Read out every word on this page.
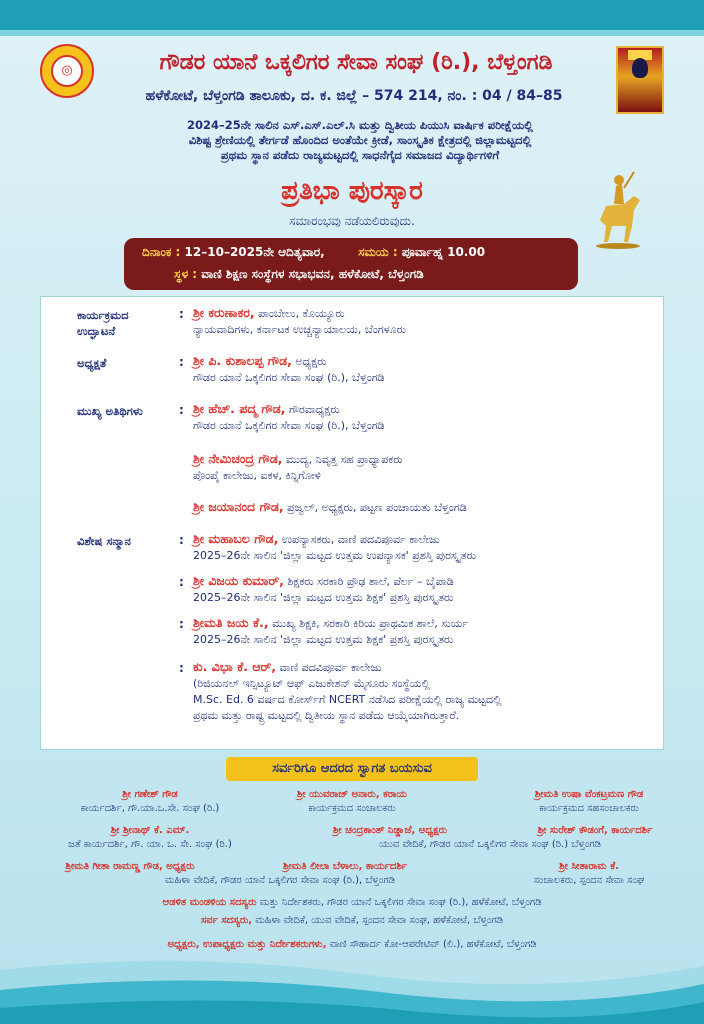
◎	ಗೌಡರ ಯಾನೆ ಒಕ್ಕಲಿಗರ ಸೇವಾ ಸಂಘ (ರಿ.), ಬೆಳ್ತಂಗಡಿ
ಹಳೆಕೋಟೆ, ಬೆಳ್ತಂಗಡಿ ತಾಲೂಕು, ದ. ಕ. ಜಿಲ್ಲೆ – 574 214, ನಂ. : 04 / 84–85
2024–25ನೇ ಸಾಲಿನ ಎಸ್.ಎಸ್.ಎಲ್.ಸಿ ಮತ್ತು ದ್ವಿತೀಯ ಪಿಯುಸಿ ವಾರ್ಷಿಕ ಪರೀಕ್ಷೆಯಲ್ಲಿ
ವಿಶಿಷ್ಟ ಶ್ರೇಣಿಯಲ್ಲಿ ತೇರ್ಗಡೆ ಹೊಂದಿದ ಅಂತೆಯೇ ಕ್ರೀಡೆ, ಸಾಂಸ್ಕೃತಿಕ ಕ್ಷೇತ್ರದಲ್ಲಿ ಜಿಲ್ಲಾಮಟ್ಟದಲ್ಲಿ
ಪ್ರಥಮ ಸ್ಥಾನ ಪಡೆದು ರಾಜ್ಯಮಟ್ಟದಲ್ಲಿ ಸಾಧನೆಗೈದ ಸಮಾಜದ ವಿದ್ಯಾರ್ಥಿಗಳಿಗೆ
ಪ್ರತಿಭಾ ಪುರಸ್ಕಾರ
ಸಮಾರಂಭವು ನಡೆಯಲಿರುವುದು.
ದಿನಾಂಕ : 12–10–2025ನೇ ಆದಿತ್ಯವಾರ,	ಸಮಯ : ಪೂರ್ವಾಹ್ನ 10.00
ಸ್ಥಳ : ವಾಣಿ ಶಿಕ್ಷಣ ಸಂಸ್ಥೆಗಳ ಸಭಾಭವನ, ಹಳೆಕೋಟೆ, ಬೆಳ್ತಂಗಡಿ
ಕಾರ್ಯಕ್ರಮದ
ಉದ್ಘಾಟನೆ
: ಶ್ರೀ ಕರುಣಾಕರ, ಪಾಂಬೇಲು, ಕೊಯ್ಯೂರು
ನ್ಯಾಯವಾದಿಗಳು, ಕರ್ನಾಟಕ ಉಚ್ಚನ್ಯಾಯಾಲಯ, ಬೆಂಗಳೂರು
ಅಧ್ಯಕ್ಷತೆ	: ಶ್ರೀ ಪಿ. ಕುಶಾಲಪ್ಪ ಗೌಡ, ಅಧ್ಯಕ್ಷರು
ಗೌಡರ ಯಾನೆ ಒಕ್ಕಲಿಗರ ಸೇವಾ ಸಂಘ (ರಿ.), ಬೆಳ್ತಂಗಡಿ
ಮುಖ್ಯ ಅತಿಥಿಗಳು	: ಶ್ರೀ ಹೆಚ್. ಪದ್ಮ ಗೌಡ, ಗೌರವಾಧ್ಯಕ್ಷರು
ಗೌಡರ ಯಾನೆ ಒಕ್ಕಲಿಗರ ಸೇವಾ ಸಂಘ (ರಿ.), ಬೆಳ್ತಂಗಡಿ
ಶ್ರೀ ನೇಮಿಚಂದ್ರ ಗೌಡ, ಮುದ್ಯ, ನಿವೃತ್ತ ಸಹ ಪ್ರಾಧ್ಯಾಪಕರು
ಪೊಂಪೈ ಕಾಲೇಜು, ಐಕಳ, ಕಿನ್ನಿಗೋಳಿ
ಶ್ರೀ ಜಯಾನಂದ ಗೌಡ, ಪ್ರಜ್ವಲ್, ಅಧ್ಯಕ್ಷರು, ಪಟ್ಟಣ ಪಂಚಾಯತು ಬೆಳ್ತಂಗಡಿ
ವಿಶೇಷ ಸನ್ಮಾನ	: ಶ್ರೀ ಮಹಾಬಲ ಗೌಡ, ಉಪನ್ಯಾಸಕರು, ವಾಣಿ ಪದವಿಪೂರ್ವ ಕಾಲೇಜು
2025–26ನೇ ಸಾಲಿನ 'ಜಿಲ್ಲಾ ಮಟ್ಟದ ಉತ್ತಮ ಉಪನ್ಯಾಸಕ' ಪ್ರಶಸ್ತಿ ಪುರಸ್ಕೃತರು
: ಶ್ರೀ ವಿಜಯ ಕುಮಾರ್, ಶಿಕ್ಷಕರು ಸರಕಾರಿ ಪ್ರೌಢ ಶಾಲೆ, ಪೆರ್ಲ – ಬೈಪಾಡಿ
2025–26ನೇ ಸಾಲಿನ 'ಜಿಲ್ಲಾ ಮಟ್ಟದ ಉತ್ತಮ ಶಿಕ್ಷಕ' ಪ್ರಶಸ್ತಿ ಪುರಸ್ಕೃತರು
: ಶ್ರೀಮತಿ ಜಯ ಕೆ., ಮುಖ್ಯ ಶಿಕ್ಷಕಿ, ಸರಕಾರಿ ಕಿರಿಯ ಪ್ರಾಥಮಿಕ ಶಾಲೆ, ಸುರ್ಯ
2025–26ನೇ ಸಾಲಿನ 'ಜಿಲ್ಲಾ ಮಟ್ಟದ ಉತ್ತಮ ಶಿಕ್ಷಕ' ಪ್ರಶಸ್ತಿ ಪುರಸ್ಕೃತರು
: ಕು. ವಿಭಾ ಕೆ. ಆರ್, ವಾಣಿ ಪದವಿಪೂರ್ವ ಕಾಲೇಜು
(ರಿಜಿಯನಲ್ ಇನ್ಸಿಟ್ಯೂಟ್ ಆಫ್ ಎಜುಕೇಶನ್ ಮೈಸೂರು ಸಂಸ್ಥೆಯಲ್ಲಿ
M.Sc. Ed. 6 ವರ್ಷದ ಕೋರ್ಸ್‌ಗೆ NCERT ನಡೆಸಿದ ಪರೀಕ್ಷೆಯಲ್ಲಿ ರಾಜ್ಯ ಮಟ್ಟದಲ್ಲಿ
ಪ್ರಥಮ ಮತ್ತು ರಾಷ್ಟ್ರ ಮಟ್ಟದಲ್ಲಿ ದ್ವಿತೀಯ ಸ್ಥಾನ ಪಡೆದು ಆಯ್ಕೆಯಾಗಿರುತ್ತಾರೆ.
ಸರ್ವರಿಗೂ ಆದರದ ಸ್ವಾಗತ ಬಯಸುವ
ಶ್ರೀ ಗಣೇಶ್ ಗೌಡ
ಕಾರ್ಯದರ್ಶಿ, ಗೌ.ಯಾ.ಒ.ಸೇ. ಸಂಘ (ರಿ.)
ಶ್ರೀ ಯುವರಾಜ್ ಅನಾರು, ಕರಾಯ
ಕಾರ್ಯಕ್ರಮದ ಸಂಚಾಲಕರು
ಶ್ರೀಮತಿ ಉಷಾ ವೆಂಕಟ್ರಮಣ ಗೌಡ
ಕಾರ್ಯಕ್ರಮದ ಸಹಸಂಚಾಲಕರು
ಶ್ರೀ ಶ್ರೀನಾಥ್ ಕೆ. ಎಮ್.
ಜತೆ ಕಾರ್ಯದರ್ಶಿ, ಗೌ. ಯಾ. ಒ. ಸೇ. ಸಂಘ (ರಿ.)
ಶ್ರೀ ಚಂದ್ರಕಾಂತ್ ನಿಡ್ಡಾಜೆ, ಅಧ್ಯಕ್ಷರು	ಶ್ರೀ ಸುರೇಶ್ ಕೌಡಂಗೆ, ಕಾರ್ಯದರ್ಶಿ
ಯುವ ವೇದಿಕೆ, ಗೌಡರ ಯಾನೆ ಒಕ್ಕಲಿಗರ ಸೇವಾ ಸಂಘ (ರಿ.) ಬೆಳ್ತಂಗಡಿ
ಶ್ರೀಮತಿ ಗೀತಾ ರಾಮಣ್ಣ ಗೌಡ, ಅಧ್ಯಕ್ಷರು	ಶ್ರೀಮತಿ ಲೀಲಾ ಬೆಳಾಲು, ಕಾರ್ಯದರ್ಶಿ
ಮಹಿಳಾ ವೇದಿಕೆ, ಗೌಡರ ಯಾನೆ ಒಕ್ಕಲಿಗರ ಸೇವಾ ಸಂಘ (ರಿ.), ಬೆಳ್ತಂಗಡಿ
ಶ್ರೀ ಸೀತಾರಾಮ ಕೆ.
ಸಂಚಾಲಕರು, ಸ್ಪಂದನ ಸೇವಾ ಸಂಘ
ಆಡಳಿತ ಮಂಡಳಿಯ ಸದಸ್ಯರು ಮತ್ತು ನಿರ್ದೇಶಕರು, ಗೌಡರ ಯಾನೆ ಒಕ್ಕಲಿಗರ ಸೇವಾ ಸಂಘ (ರಿ.), ಹಳೆಕೋಟೆ, ಬೆಳ್ತಂಗಡಿ
ಸರ್ವ ಸದಸ್ಯರು, ಮಹಿಳಾ ವೇದಿಕೆ, ಯುವ ವೇದಿಕೆ, ಸ್ಪಂದನ ಸೇವಾ ಸಂಘ, ಹಳೆಕೋಟೆ, ಬೆಳ್ತಂಗಡಿ
ಅಧ್ಯಕ್ಷರು, ಉಪಾಧ್ಯಕ್ಷರು ಮತ್ತು ನಿರ್ದೇಶಕರುಗಳು, ವಾಣಿ ಸೌಹಾರ್ದ ಕೋ-ಆಪರೇಟಿವ್ (ಲಿ.), ಹಳೆಕೋಟೆ, ಬೆಳ್ತಂಗಡಿ
